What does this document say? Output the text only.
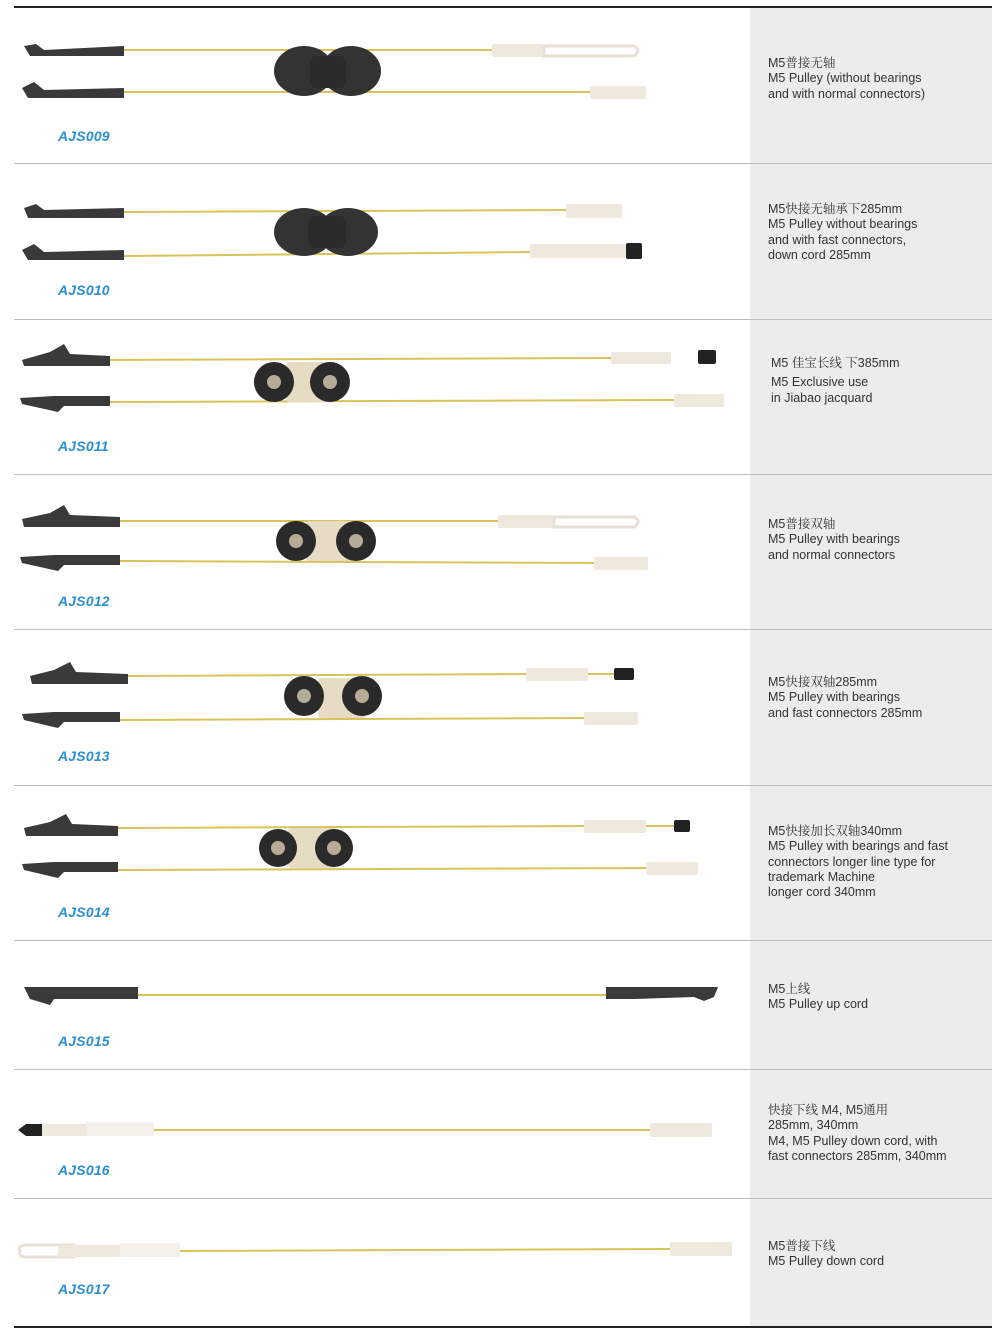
AJS009
M5普接无轴
M5 Pulley (without bearings
and with normal connectors)
AJS010
M5快接无轴承下285mm
M5 Pulley without bearings
and with fast connectors,
down cord 285mm
AJS011
M5 佳宝长线 下385mm
M5 Exclusive use
in Jiabao jacquard
AJS012
M5普接双轴
M5 Pulley with bearings
and normal connectors
AJS013
M5快接双轴285mm
M5 Pulley with bearings
and fast connectors 285mm
AJS014
M5快接加长双轴340mm
M5 Pulley with bearings and fast
connectors longer line type for
trademark Machine
longer cord 340mm
AJS015
M5上线
M5 Pulley up cord
AJS016
快接下线 M4, M5通用
285mm, 340mm
M4, M5 Pulley down cord, with
fast connectors 285mm, 340mm
AJS017
M5普接下线
M5 Pulley down cord
